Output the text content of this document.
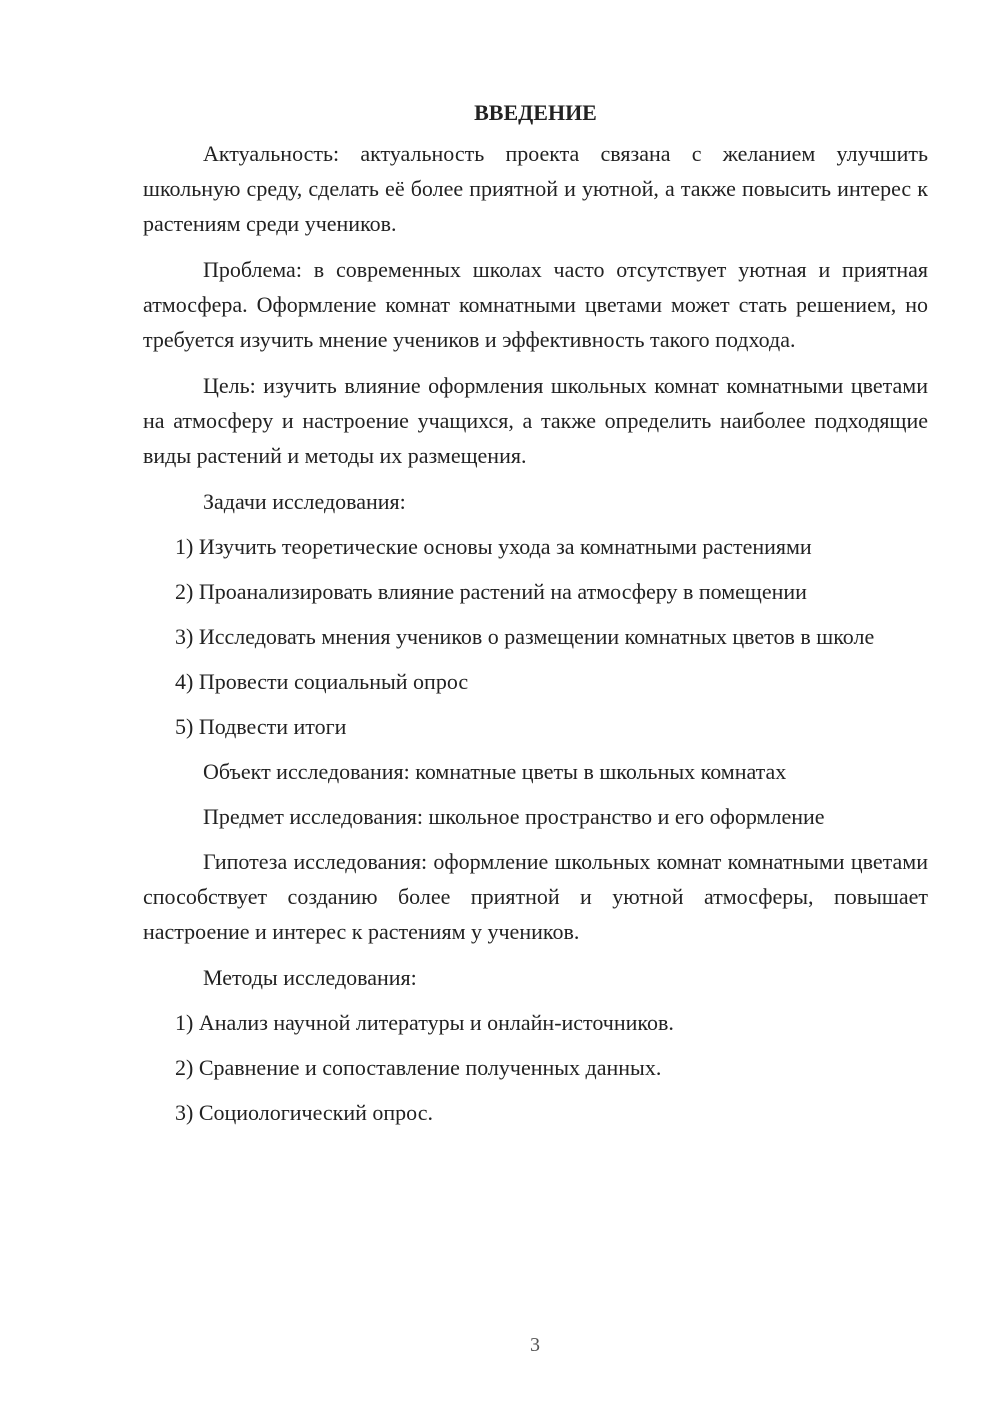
ВВЕДЕНИЕ
Актуальность: актуальность проекта связана с желанием улучшить школьную среду, сделать её более приятной и уютной, а также повысить интерес к растениям среди учеников.
Проблема: в современных школах часто отсутствует уютная и приятная атмосфера. Оформление комнат комнатными цветами может стать решением, но требуется изучить мнение учеников и эффективность такого подхода.
Цель: изучить влияние оформления школьных комнат комнатными цветами на атмосферу и настроение учащихся, а также определить наиболее подходящие виды растений и методы их размещения.
Задачи исследования:
1) Изучить теоретические основы ухода за комнатными растениями
2) Проанализировать влияние растений на атмосферу в помещении
3) Исследовать мнения учеников о размещении комнатных цветов в школе
4) Провести социальный опрос
5) Подвести итоги
Объект исследования: комнатные цветы в школьных комнатах
Предмет исследования: школьное пространство и его оформление
Гипотеза исследования: оформление школьных комнат комнатными цветами способствует созданию более приятной и уютной атмосферы, повышает настроение и интерес к растениям у учеников.
Методы исследования:
1) Анализ научной литературы и онлайн-источников.
2) Сравнение и сопоставление полученных данных.
3) Социологический опрос.
3
